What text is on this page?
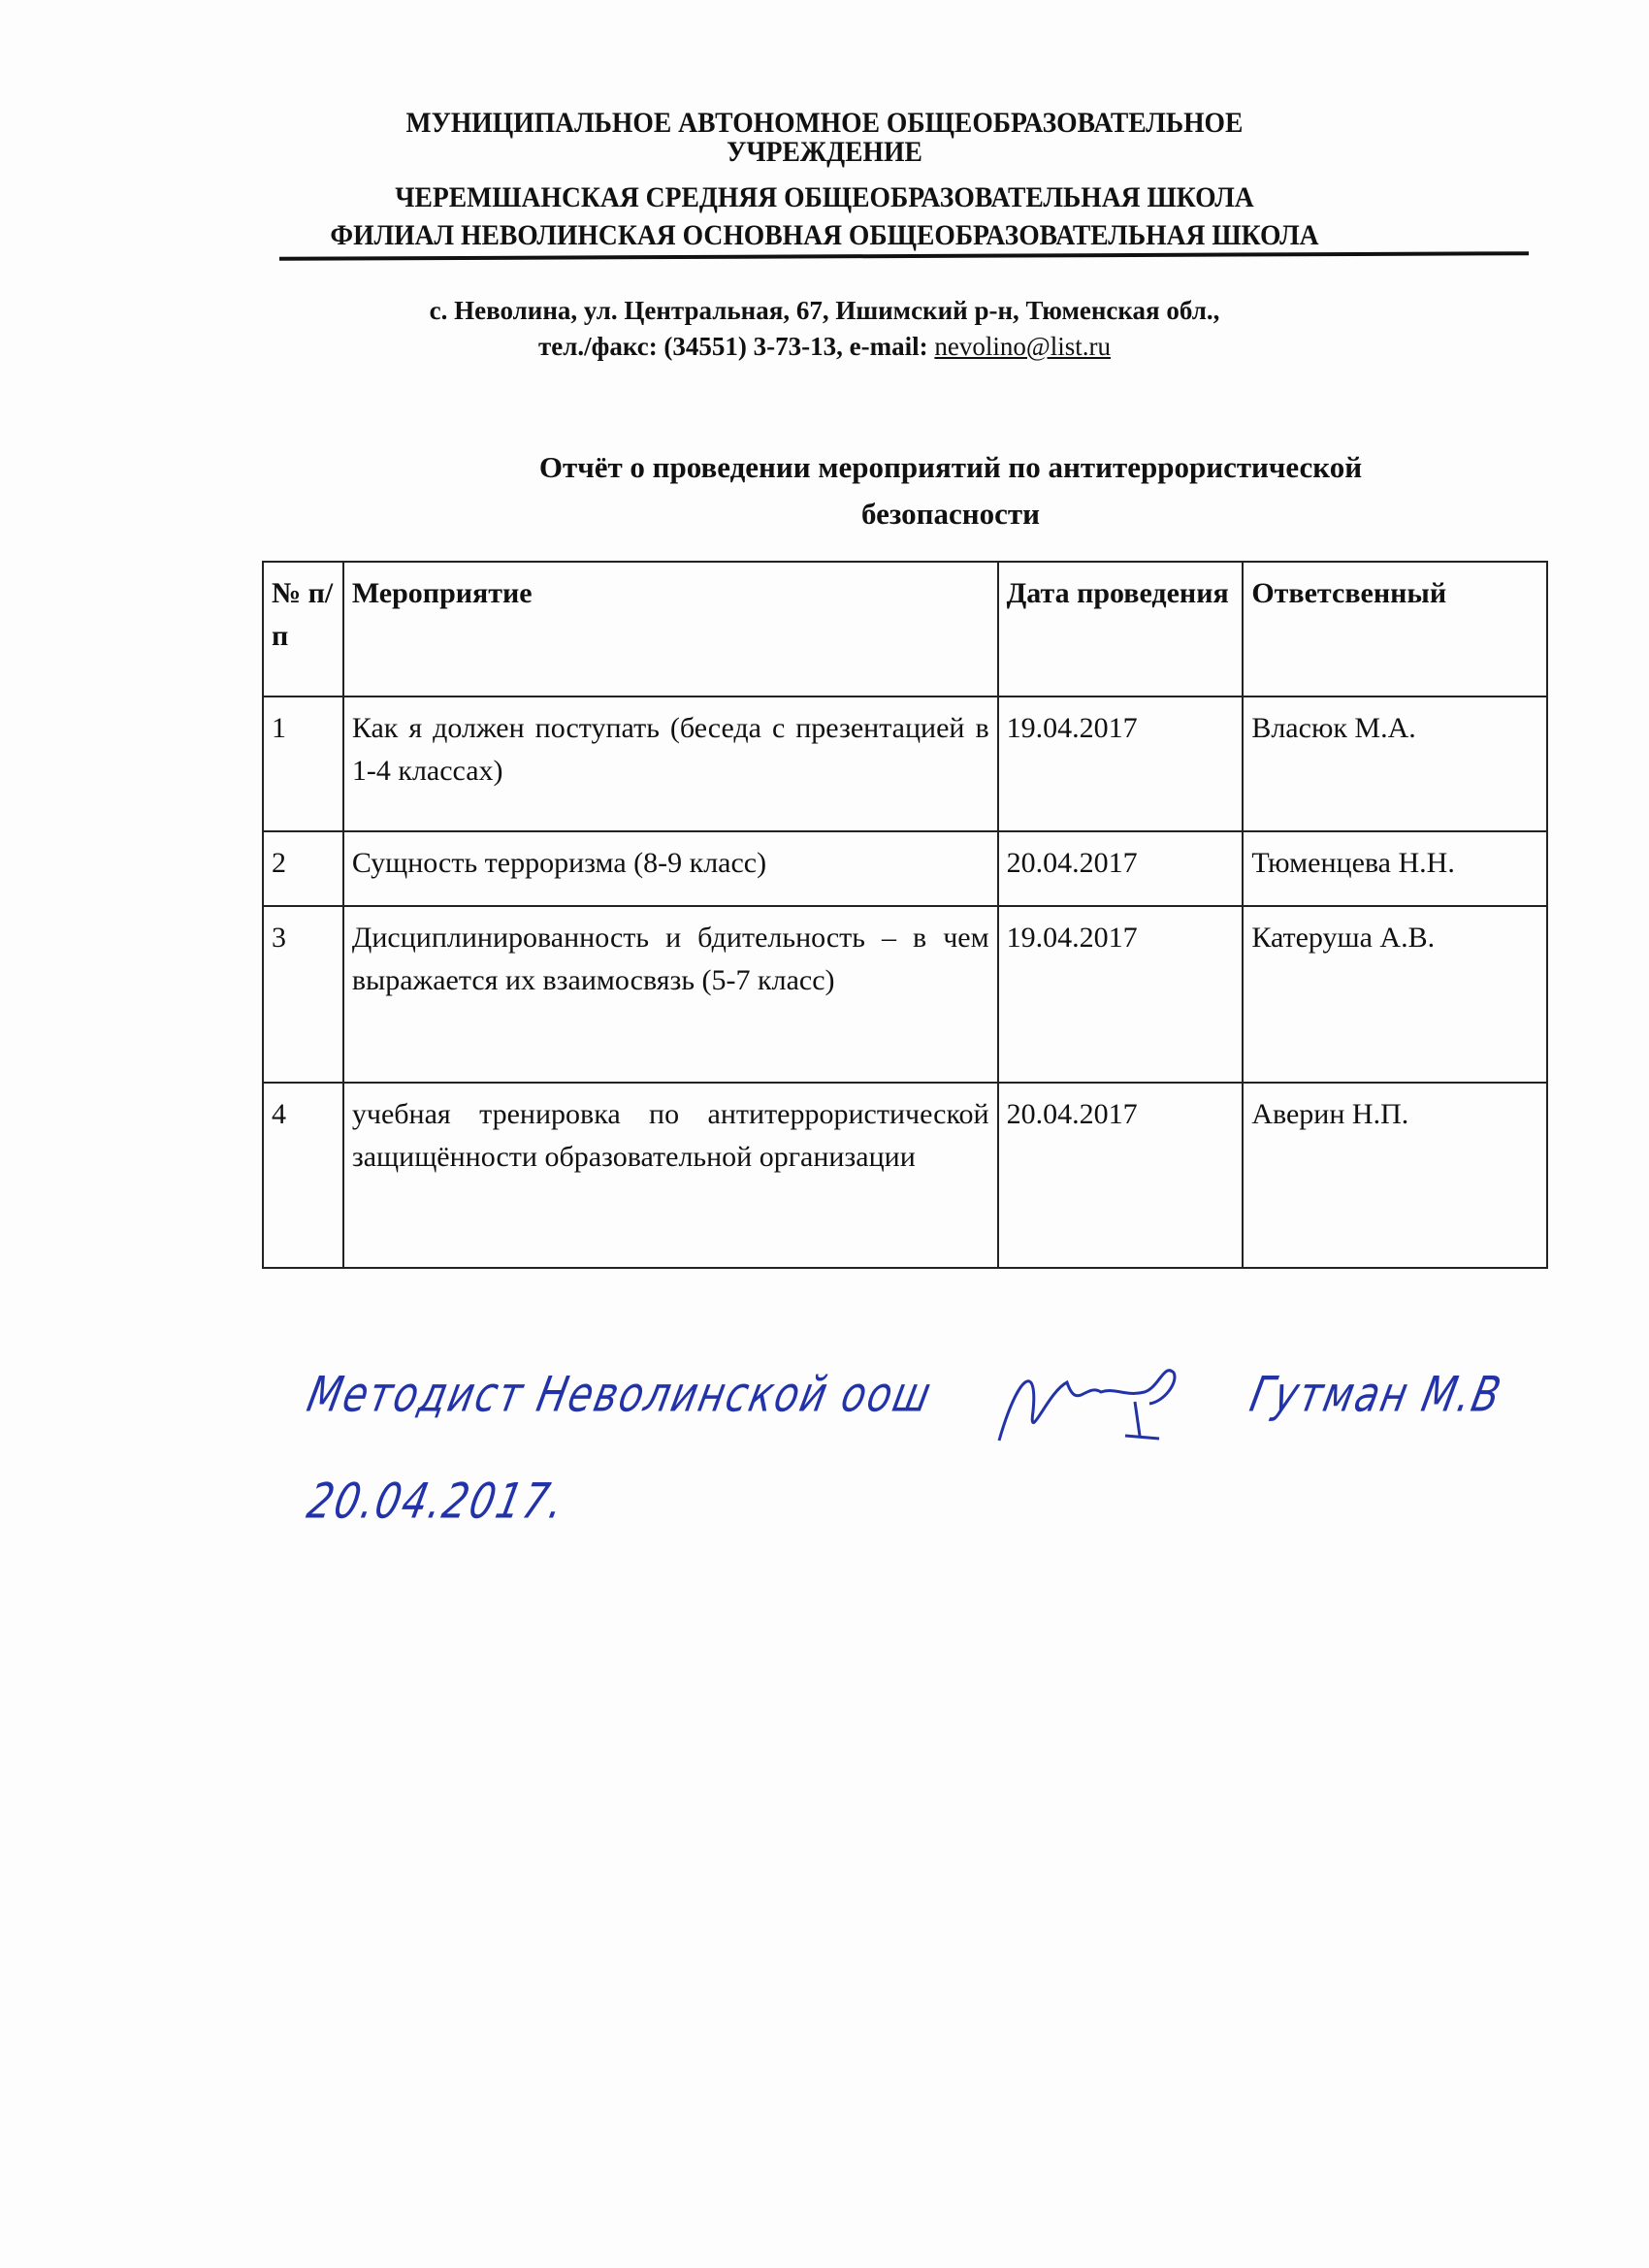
МУНИЦИПАЛЬНОЕ АВТОНОМНОЕ ОБЩЕОБРАЗОВАТЕЛЬНОЕ
УЧРЕЖДЕНИЕ
ЧЕРЕМШАНСКАЯ СРЕДНЯЯ ОБЩЕОБРАЗОВАТЕЛЬНАЯ ШКОЛА
ФИЛИАЛ НЕВОЛИНСКАЯ ОСНОВНАЯ ОБЩЕОБРАЗОВАТЕЛЬНАЯ ШКОЛА
с. Неволина, ул. Центральная, 67, Ишимский р-н, Тюменская обл.,
тел./факс: (34551) 3-73-13, e-mail: nevolino@list.ru
Отчёт о проведении мероприятий по антитеррористической
безопасности
№ п/п	Мероприятие	Дата проведения	Ответсвенный
1	Как я должен поступать (беседа с презентацией в 1-4 классах)	19.04.2017	Власюк М.А.
2	Сущность терроризма (8-9 класс)	20.04.2017	Тюменцева Н.Н.
3	Дисциплинированность и бдительность – в чем выражается их взаимосвязь (5-7 класс)	19.04.2017	Катеруша А.В.
4	учебная тренировка по антитеррористической защищённости образовательной организации	20.04.2017	Аверин Н.П.
Методист Неволинской оош	Гутман М.В
20.04.2017.
